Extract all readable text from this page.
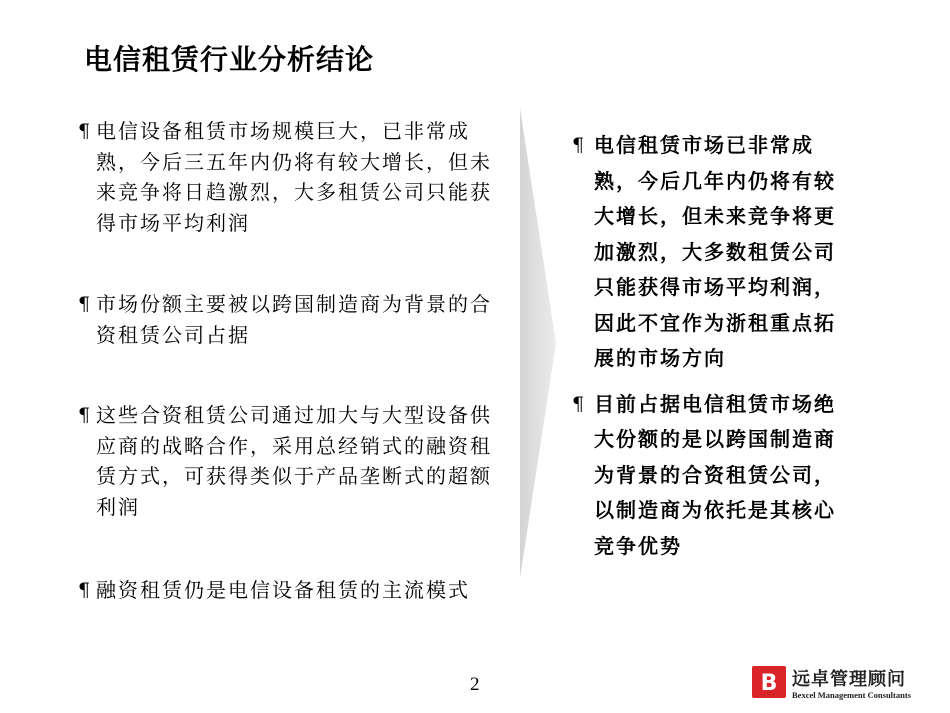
电信租赁行业分析结论
¶ 电信设备租赁市场规模巨大，已非常成熟，今后三五年内仍将有较大增长，但未来竞争将日趋激烈，大多租赁公司只能获得市场平均利润
¶ 市场份额主要被以跨国制造商为背景的合资租赁公司占据
¶ 这些合资租赁公司通过加大与大型设备供应商的战略合作，采用总经销式的融资租赁方式，可获得类似于产品垄断式的超额利润
¶ 融资租赁仍是电信设备租赁的主流模式
¶ 电信租赁市场已非常成熟，今后几年内仍将有较大增长，但未来竞争将更加激烈，大多数租赁公司只能获得市场平均利润，因此不宜作为浙租重点拓展的市场方向
¶ 目前占据电信租赁市场绝大份额的是以跨国制造商为背景的合资租赁公司，以制造商为依托是其核心竞争优势
2	B 远卓管理顾问
Bexcel Management Consultants
